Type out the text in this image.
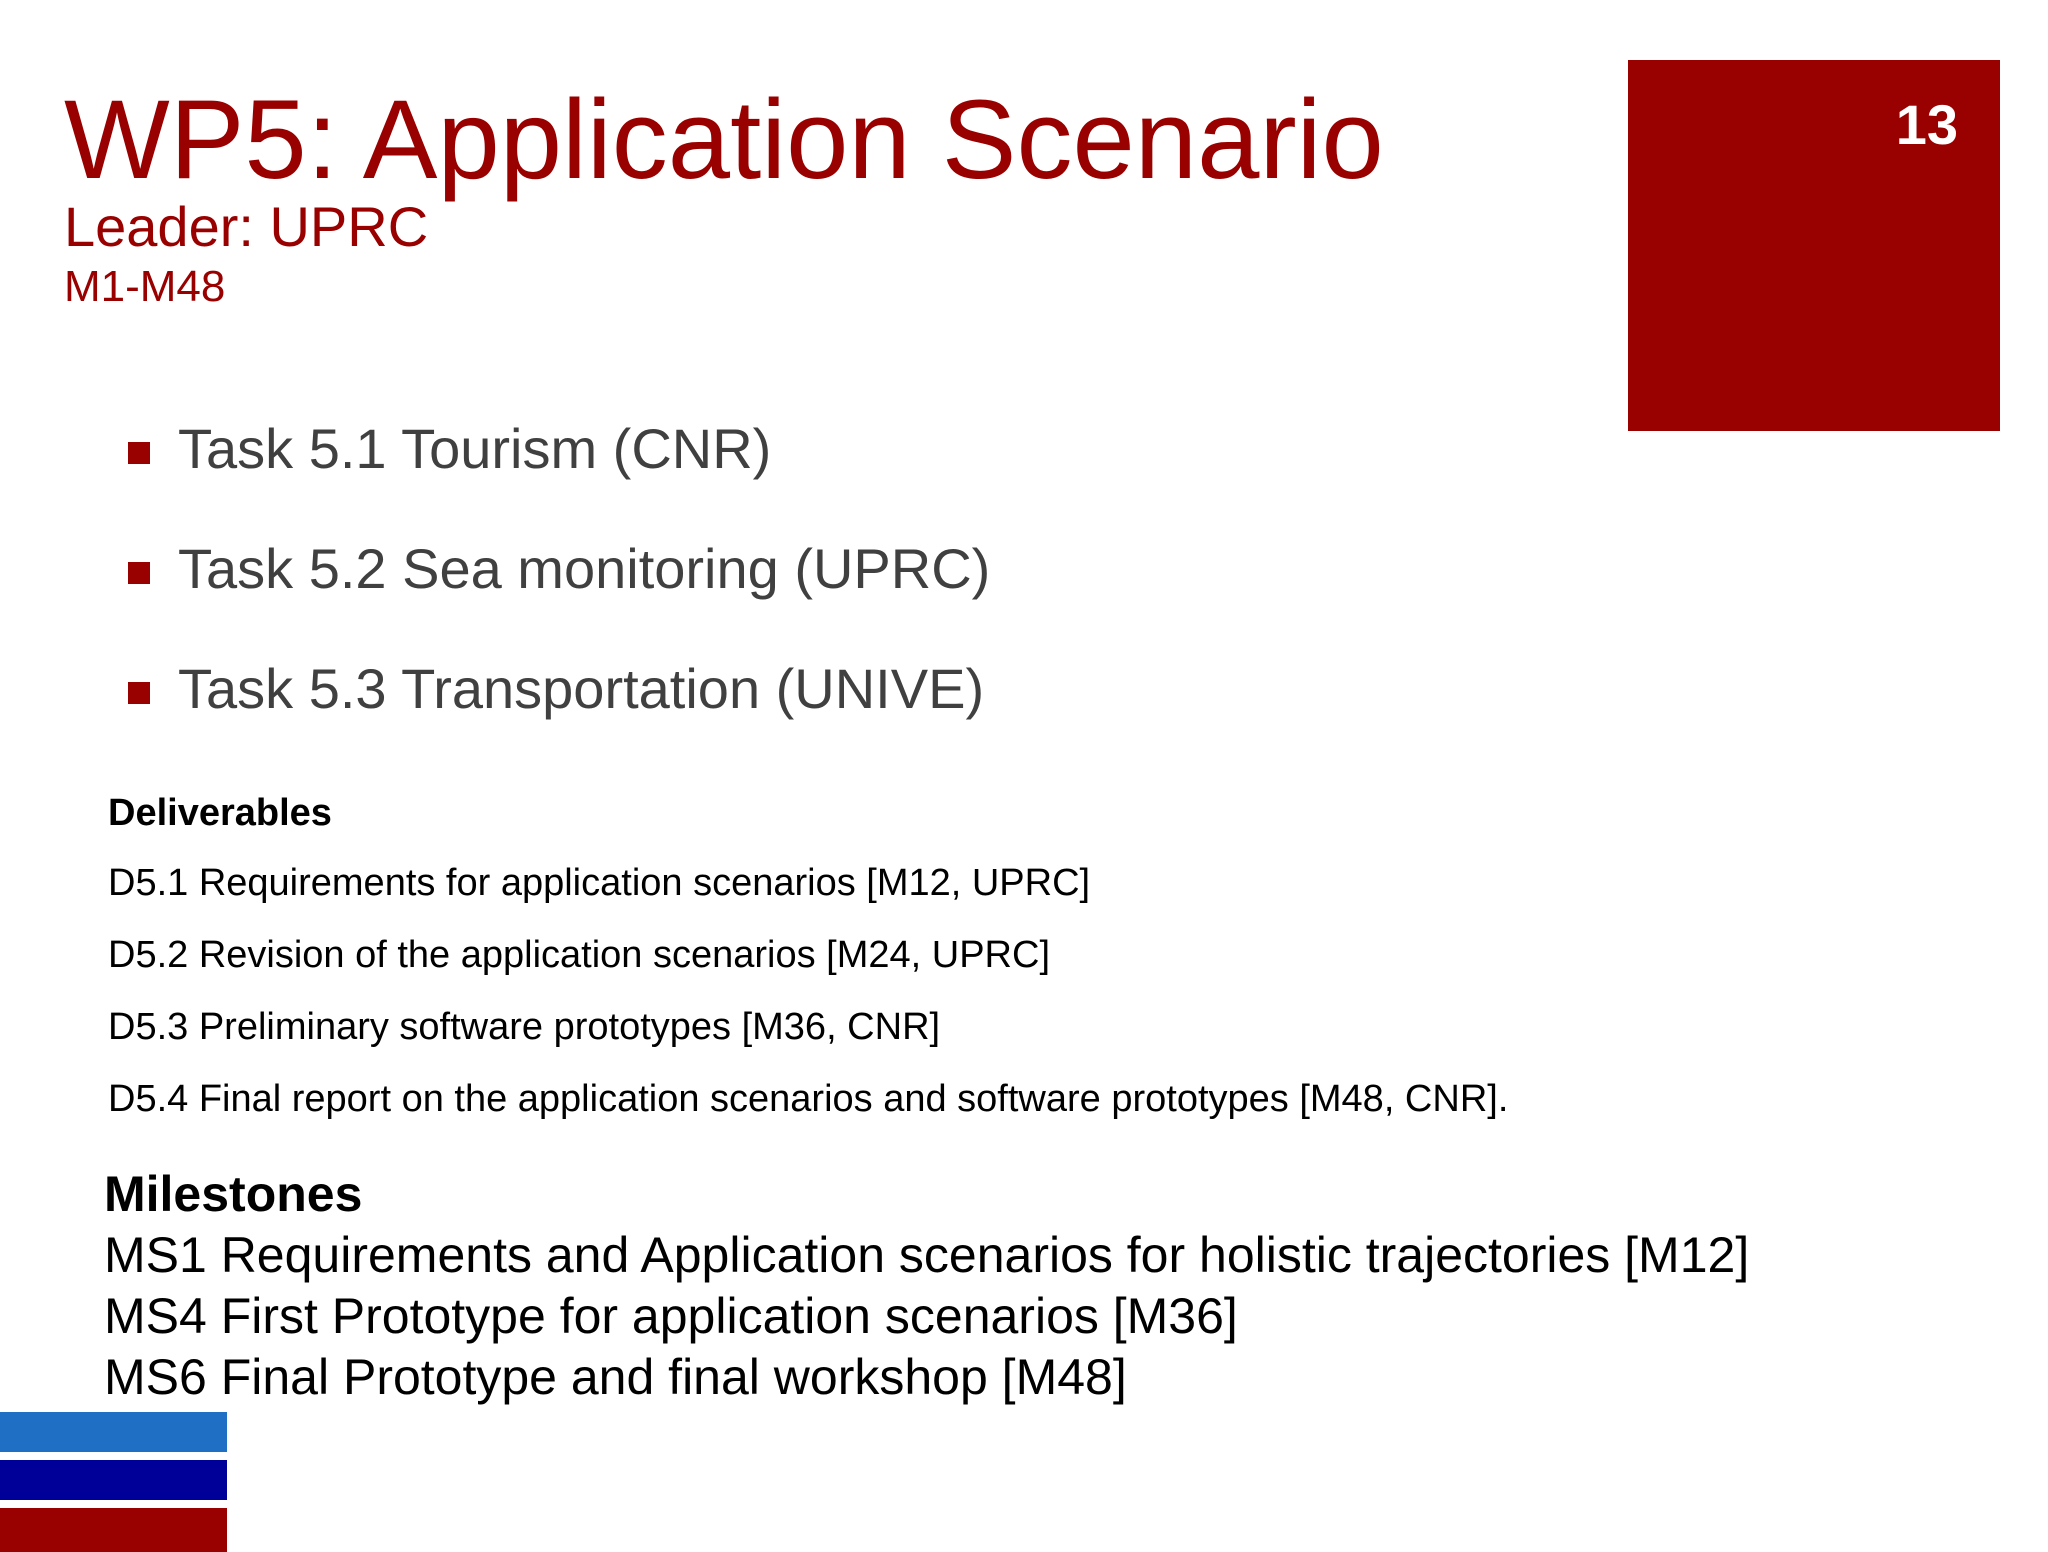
WP5: Application Scenario
Leader: UPRC
M1-M48
13
Task 5.1 Tourism (CNR)
Task 5.2 Sea monitoring (UPRC)
Task 5.3 Transportation (UNIVE)
Deliverables
D5.1 Requirements for application scenarios [M12, UPRC]
D5.2 Revision of the application scenarios [M24, UPRC]
D5.3 Preliminary software prototypes [M36, CNR]
D5.4 Final report on the application scenarios and software prototypes [M48, CNR].
Milestones
MS1 Requirements and Application scenarios for holistic trajectories [M12]
MS4 First Prototype for application scenarios [M36]
MS6 Final Prototype and final workshop [M48]
